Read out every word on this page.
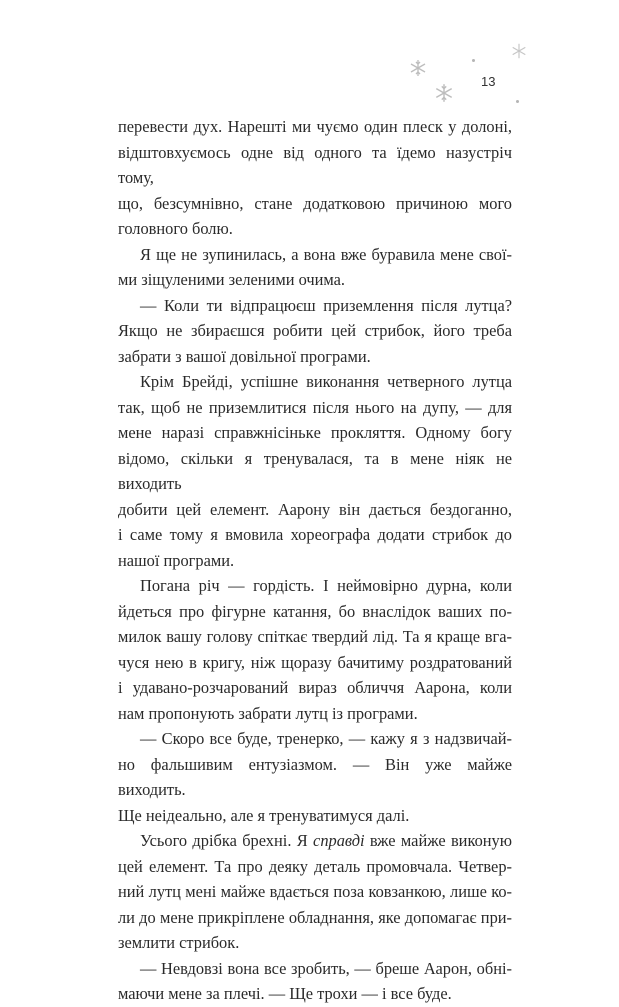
13

перевести дух. Нарешті ми чуємо один плеск у долоні,
відштовхуємось одне від одного та їдемо назустріч тому,
що, безсумнівно, стане додатковою причиною мого

головного болю.

Я ще не зупинилась, а вона вже буравила мене свої-

ми зіщуленими зеленими очима.

— Коли ти відпрацюєш приземлення після лутца?

Якщо не збираєшся робити цей стрибок, його треба

забрати з вашої довільної програми.

Крім Брейді, успішне виконання четверного лутца

так, щоб не приземлитися після нього на дупу, — для
мене наразі справжнісінькe прокляття. Одному богу
відомо, скільки я тренувалася, та в мене ніяк не виходить
добити цей елемент. Аарону він дається бездоганно,
і саме тому я вмовила хореографа додати стрибок до

нашої програми.

Погана річ — гордість. І неймовірно дурна, коли

йдеться про фігурне катання, бо внаслідок ваших по-
милок вашу голову спіткає твердий лід. Та я краще вга-
чуся нею в кригу, ніж щоразу бачитиму роздратований
і удавано-розчарований вираз обличчя Аарона, коли

нам пропонують забрати лутц із програми.

— Скоро все буде, тренерко, — кажу я з надзвичай-

но фальшивим ентузіазмом. — Він уже майже виходить.

Ще неідеально, але я тренуватимуся далі.

Усього дрібка брехні. Я справді вже майже виконую

цей елемент. Та про деяку деталь промовчала. Четвер-
ний лутц мені майже вдається поза ковзанкою, лише ко-
ли до мене прикріплене обладнання, яке допомагає при-

землити стрибок.

— Невдовзі вона все зробить, — бреше Аарон, обні-

маючи мене за плечі. — Ще трохи — і все буде.
